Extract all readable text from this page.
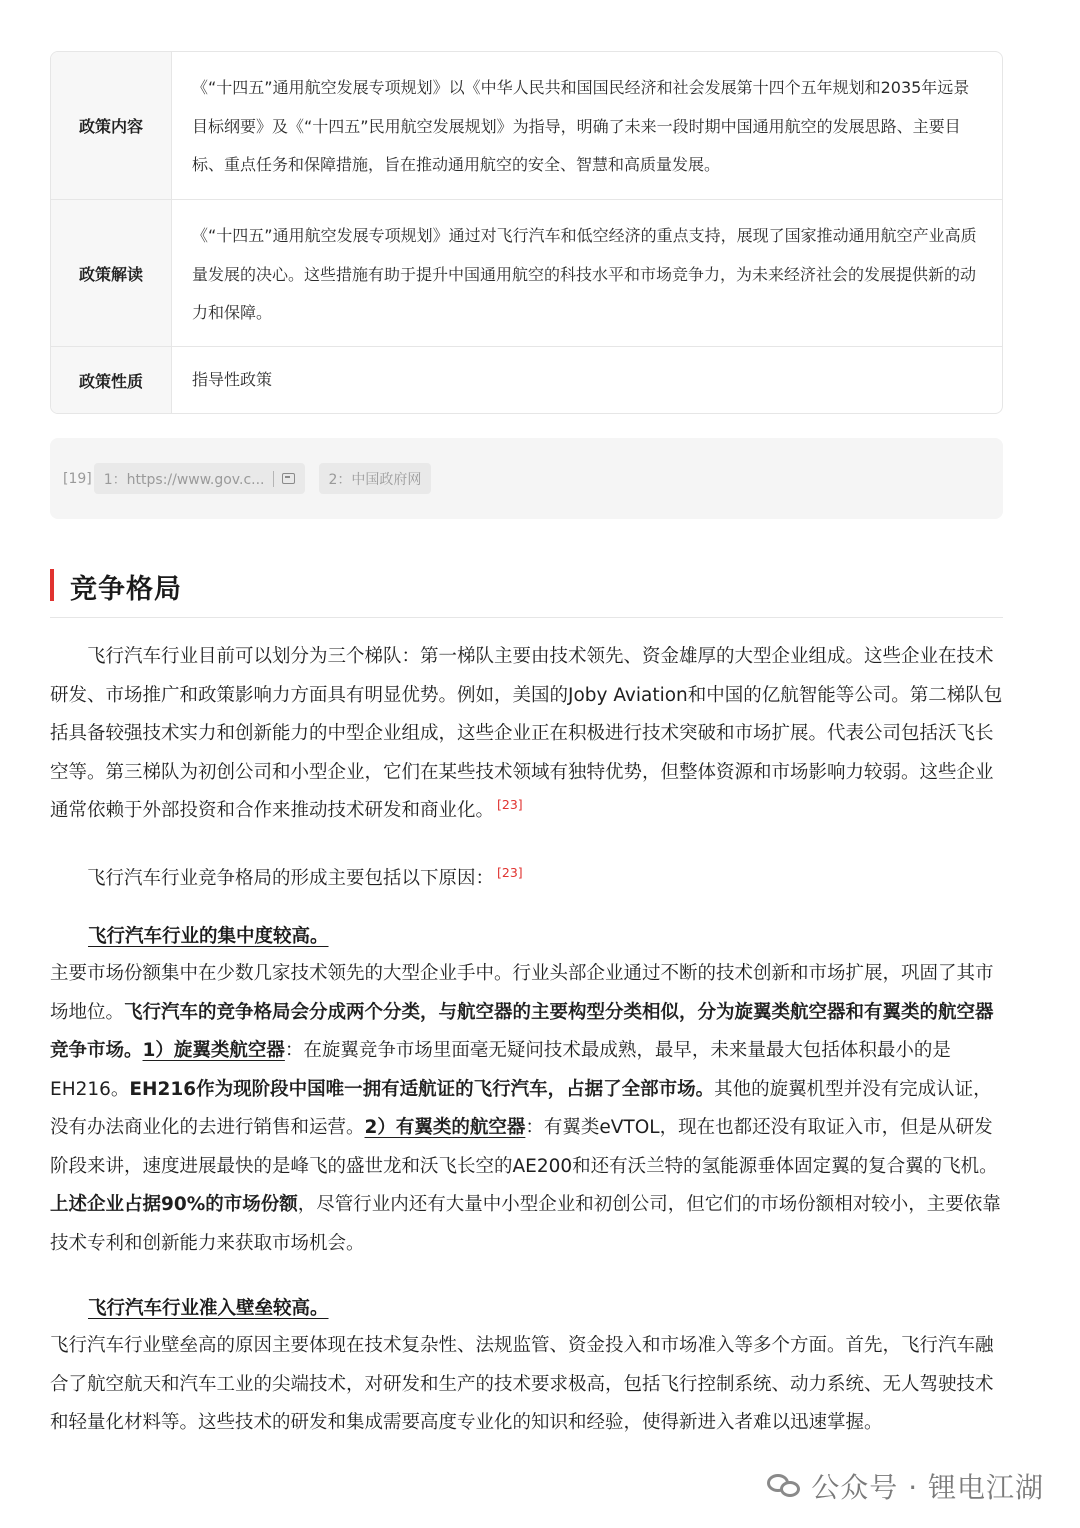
政策内容
《“十四五”通用航空发展专项规划》以《中华人民共和国国民经济和社会发展第十四个五年规划和2035年远景目标纲要》及《“十四五”民用航空发展规划》为指导，明确了未来一段时期中国通用航空的发展思路、主要目标、重点任务和保障措施，旨在推动通用航空的安全、智慧和高质量发展。
政策解读
《“十四五”通用航空发展专项规划》通过对飞行汽车和低空经济的重点支持，展现了国家推动通用航空产业高质量发展的决心。这些措施有助于提升中国通用航空的科技水平和市场竞争力，为未来经济社会的发展提供新的动力和保障。
政策性质	指导性政策
[19] 1：https://www.gov.c...	2：中国政府网
竞争格局
飞行汽车行业目前可以划分为三个梯队：第一梯队主要由技术领先、资金雄厚的大型企业组成。这些企业在技术研发、市场推广和政策影响力方面具有明显优势。例如，美国的Joby Aviation和中国的亿航智能等公司。第二梯队包括具备较强技术实力和创新能力的中型企业组成，这些企业正在积极进行技术突破和市场扩展。代表公司包括沃飞长空等。第三梯队为初创公司和小型企业，它们在某些技术领域有独特优势，但整体资源和市场影响力较弱。这些企业通常依赖于外部投资和合作来推动技术研发和商业化。 [23]
飞行汽车行业竞争格局的形成主要包括以下原因： [23]
飞行汽车行业的集中度较高。
主要市场份额集中在少数几家技术领先的大型企业手中。行业头部企业通过不断的技术创新和市场扩展，巩固了其市场地位。飞行汽车的竞争格局会分成两个分类，与航空器的主要构型分类相似，分为旋翼类航空器和有翼类的航空器竞争市场。1）旋翼类航空器：在旋翼竞争市场里面毫无疑问技术最成熟，最早，未来量最大包括体积最小的是EH216。EH216作为现阶段中国唯一拥有适航证的飞行汽车，占据了全部市场。其他的旋翼机型并没有完成认证，没有办法商业化的去进行销售和运营。2）有翼类的航空器：有翼类eVTOL，现在也都还没有取证入市，但是从研发阶段来讲，速度进展最快的是峰飞的盛世龙和沃飞长空的AE200和还有沃兰特的氢能源垂体固定翼的复合翼的飞机。上述企业占据90%的市场份额，尽管行业内还有大量中小型企业和初创公司，但它们的市场份额相对较小，主要依靠技术专利和创新能力来获取市场机会。
飞行汽车行业准入壁垒较高。
飞行汽车行业壁垒高的原因主要体现在技术复杂性、法规监管、资金投入和市场准入等多个方面。首先，飞行汽车融合了航空航天和汽车工业的尖端技术，对研发和生产的技术要求极高，包括飞行控制系统、动力系统、无人驾驶技术和轻量化材料等。这些技术的研发和集成需要高度专业化的知识和经验，使得新进入者难以迅速掌握。
公众号 · 锂电江湖
